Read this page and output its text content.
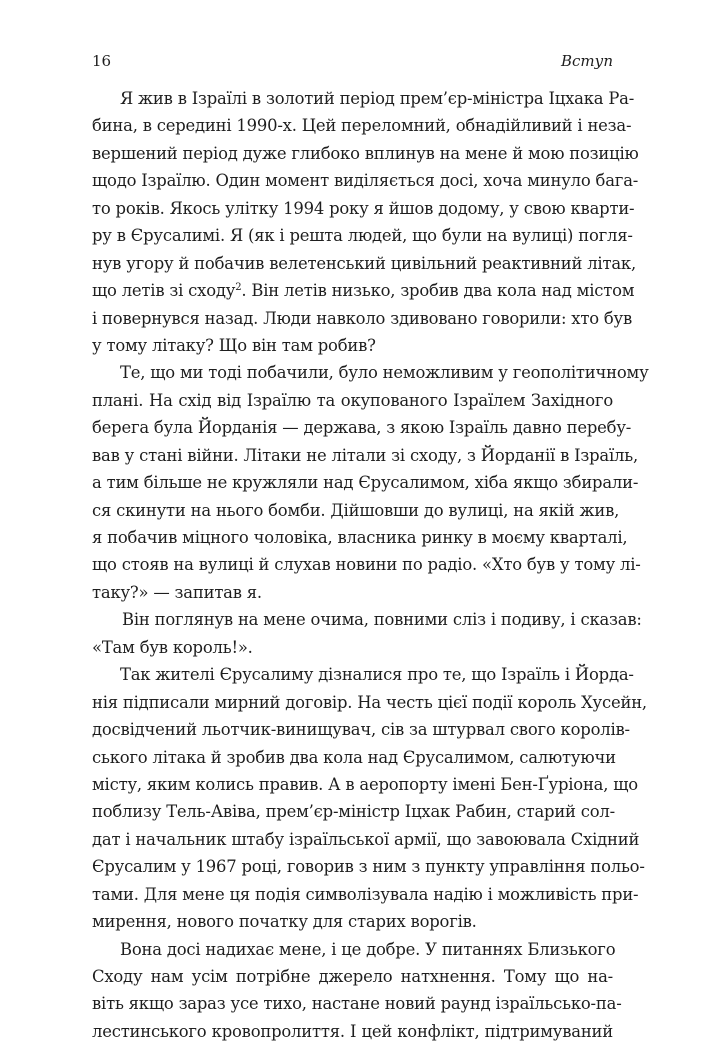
16	Вступ
Я жив в Ізраїлі в золотий період прем’єр-міністра Іцхака Ра-
бина, в середині 1990-х. Цей переломний, обнадійливий і неза-
вершений період дуже глибоко вплинув на мене й мою позицію
щодо Ізраїлю. Один момент виділяється досі, хоча минуло бага-
то років. Якось улітку 1994 року я йшов додому, у свою кварти-
ру в Єрусалимі. Я (як і решта людей, що були на вулиці) погля-
нув угору й побачив велетенський цивільний реактивний літак,
що летів зі сходу$^2$. Він летів низько, зробив два кола над містом
і повернувся назад. Люди навколо здивовано говорили: хто був
у тому літаку? Що він там робив?
Те, що ми тоді побачили, було неможливим у геополітичному
плані. На схід від Ізраїлю та окупованого Ізраїлем Західного
берега була Йорданія — держава, з якою Ізраїль давно перебу-
вав у стані війни. Літаки не літали зі сходу, з Йорданії в Ізраїль,
а тим більше не кружляли над Єрусалимом, хіба якщо збирали-
ся скинути на нього бомби. Дійшовши до вулиці, на якій жив,
я побачив міцного чоловіка, власника ринку в моєму кварталі,
що стояв на вулиці й слухав новини по радіо. «Хто був у тому лі-
таку?» — запитав я.
Він поглянув на мене очима, повними сліз і подиву, і сказав:
«Там був король!».
Так жителі Єрусалиму дізналися про те, що Ізраїль і Йорда-
нія підписали мирний договір. На честь цієї події король Хусейн,
досвідчений льотчик-винищувач, сів за штурвал свого королів-
ського літака й зробив два кола над Єрусалимом, салютуючи
місту, яким колись правив. А в аеропорту імені Бен-Ґуріона, що
поблизу Тель-Авіва, прем’єр-міністр Іцхак Рабин, старий сол-
дат і начальник штабу ізраїльської армії, що завоювала Східний
Єрусалим у 1967 році, говорив з ним з пункту управління польо-
тами. Для мене ця подія символізувала надію і можливість при-
мирення, нового початку для старих ворогів.
Вона досі надихає мене, і це добре. У питаннях Близького
Сходу нам усім потрібне джерело натхнення. Тому що на-
віть якщо зараз усе тихо, настане новий раунд ізраїльсько-па-
лестинського кровопролиття. І цей конфлікт, підтримуваний
